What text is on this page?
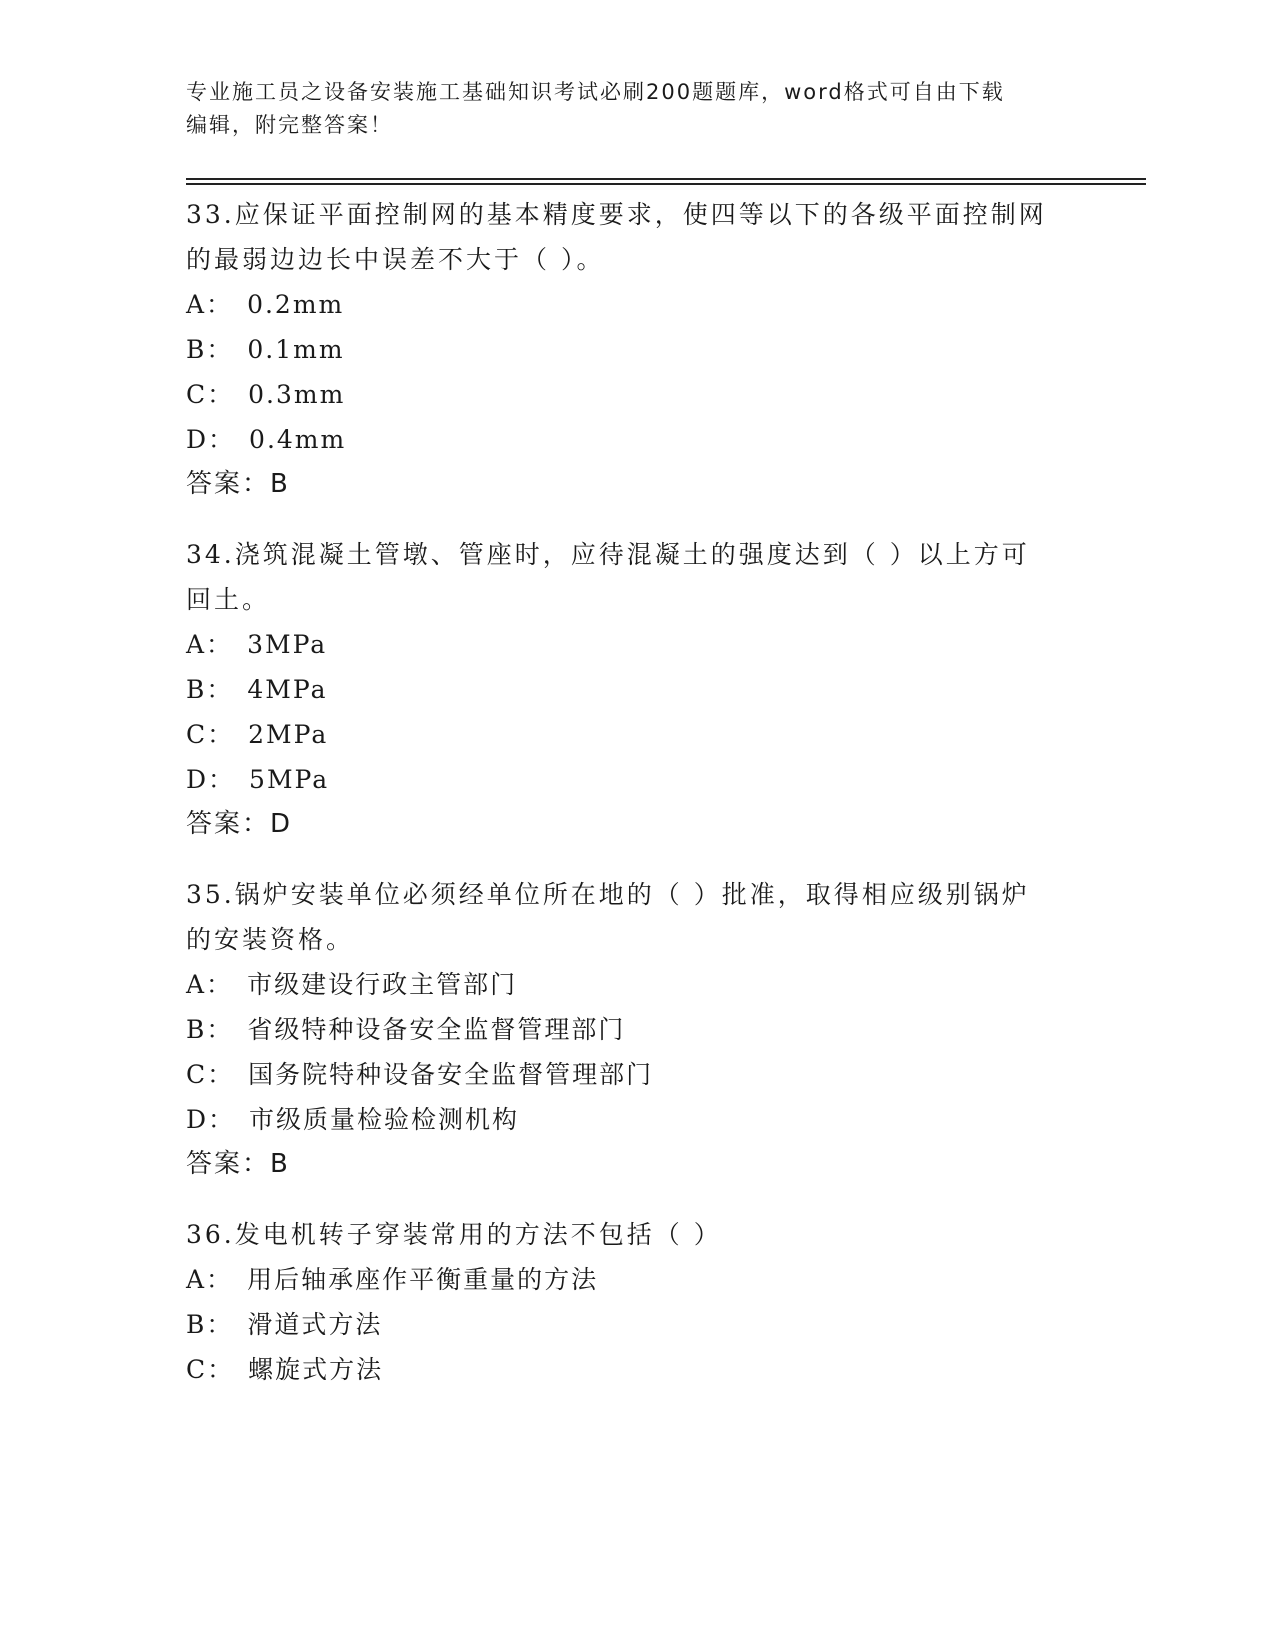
专业施工员之设备安装施工基础知识考试必刷200题题库，word格式可自由下载
编辑，附完整答案！
33.应保证平面控制网的基本精度要求，使四等以下的各级平面控制网
的最弱边边长中误差不大于（ ）。
A： 0.2mm
B： 0.1mm
C： 0.3mm
D： 0.4mm
答案：B
34.浇筑混凝土管墩、管座时，应待混凝土的强度达到（ ）以上方可
回土。
A： 3MPa
B： 4MPa
C： 2MPa
D： 5MPa
答案：D
35.锅炉安装单位必须经单位所在地的（ ）批准，取得相应级别锅炉
的安装资格。
A： 市级建设行政主管部门
B： 省级特种设备安全监督管理部门
C： 国务院特种设备安全监督管理部门
D： 市级质量检验检测机构
答案：B
36.发电机转子穿装常用的方法不包括（ ）
A： 用后轴承座作平衡重量的方法
B： 滑道式方法
C： 螺旋式方法
